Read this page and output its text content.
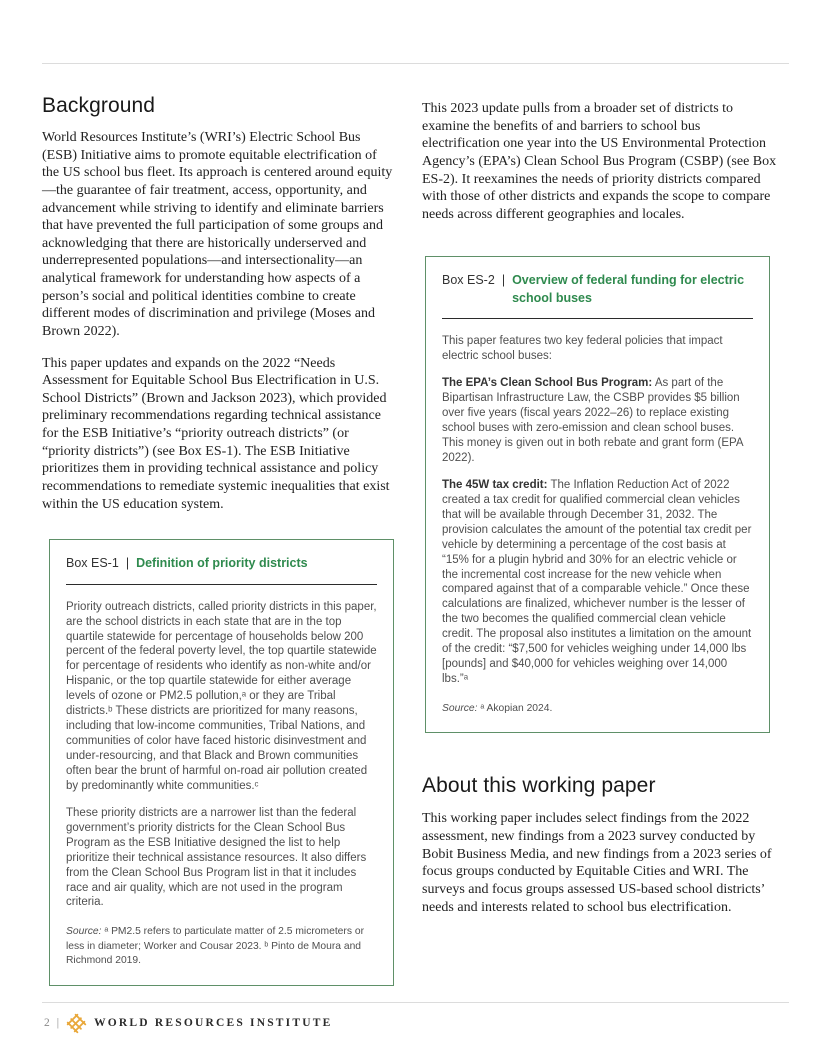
Background

World Resources Institute’s (WRI’s) Electric School Bus (ESB) Initiative aims to promote equitable electrification of the US school bus fleet. Its approach is centered around equity—the guarantee of fair treatment, access, opportunity, and advancement while striving to identify and eliminate barriers that have prevented the full participation of some groups and acknowledging that there are historically underserved and underrepresented populations—and intersectionality—an analytical framework for understanding how aspects of a person’s social and political identities combine to create different modes of discrimination and privilege (Moses and Brown 2022).

This paper updates and expands on the 2022 “Needs Assessment for Equitable School Bus Electrification in U.S. School Districts” (Brown and Jackson 2023), which provided preliminary recommendations regarding technical assistance for the ESB Initiative’s “priority outreach districts” (or “priority districts”) (see Box ES-1). The ESB Initiative prioritizes them in providing technical assistance and policy recommendations to remediate systemic inequalities that exist within the US education system.

Box ES-1 | Definition of priority districts

Priority outreach districts, called priority districts in this paper, are the school districts in each state that are in the top quartile statewide for percentage of households below 200 percent of the federal poverty level, the top quartile statewide for percentage of residents who identify as non-white and/or Hispanic, or the top quartile statewide for either average levels of ozone or PM2.5 pollution,ᵃ or they are Tribal districts.ᵇ These districts are prioritized for many reasons, including that low-income communities, Tribal Nations, and communities of color have faced historic disinvestment and under-resourcing, and that Black and Brown communities often bear the brunt of harmful on-road air pollution created by predominantly white communities.ᶜ

These priority districts are a narrower list than the federal government’s priority districts for the Clean School Bus Program as the ESB Initiative designed the list to help prioritize their technical assistance resources. It also differs from the Clean School Bus Program list in that it includes race and air quality, which are not used in the program criteria.

Source: ᵃ PM2.5 refers to particulate matter of 2.5 micrometers or less in diameter; Worker and Cousar 2023. ᵇ Pinto de Moura and Richmond 2019.

This 2023 update pulls from a broader set of districts to examine the benefits of and barriers to school bus electrification one year into the US Environmental Protection Agency’s (EPA’s) Clean School Bus Program (CSBP) (see Box ES-2). It reexamines the needs of priority districts compared with those of other districts and expands the scope to compare needs across different geographies and locales.

Box ES-2 | Overview of federal funding for electric school buses

This paper features two key federal policies that impact electric school buses:

The EPA’s Clean School Bus Program: As part of the Bipartisan Infrastructure Law, the CSBP provides $5 billion over five years (fiscal years 2022–26) to replace existing school buses with zero-emission and clean school buses. This money is given out in both rebate and grant form (EPA 2022).

The 45W tax credit: The Inflation Reduction Act of 2022 created a tax credit for qualified commercial clean vehicles that will be available through December 31, 2032. The provision calculates the amount of the potential tax credit per vehicle by determining a percentage of the cost basis at “15% for a plugin hybrid and 30% for an electric vehicle or the incremental cost increase for the new vehicle when compared against that of a comparable vehicle.” Once these calculations are finalized, whichever number is the lesser of the two becomes the qualified commercial clean vehicle credit. The proposal also institutes a limitation on the amount of the credit: “$7,500 for vehicles weighing under 14,000 lbs [pounds] and $40,000 for vehicles weighing over 14,000 lbs.”ᵃ

Source: ᵃ Akopian 2024.

About this working paper

This working paper includes select findings from the 2022 assessment, new findings from a 2023 survey conducted by Bobit Business Media, and new findings from a 2023 series of focus groups conducted by Equitable Cities and WRI. The surveys and focus groups assessed US-based school districts’ needs and interests related to school bus electrification.

2 |	WORLD RESOURCES INSTITUTE
